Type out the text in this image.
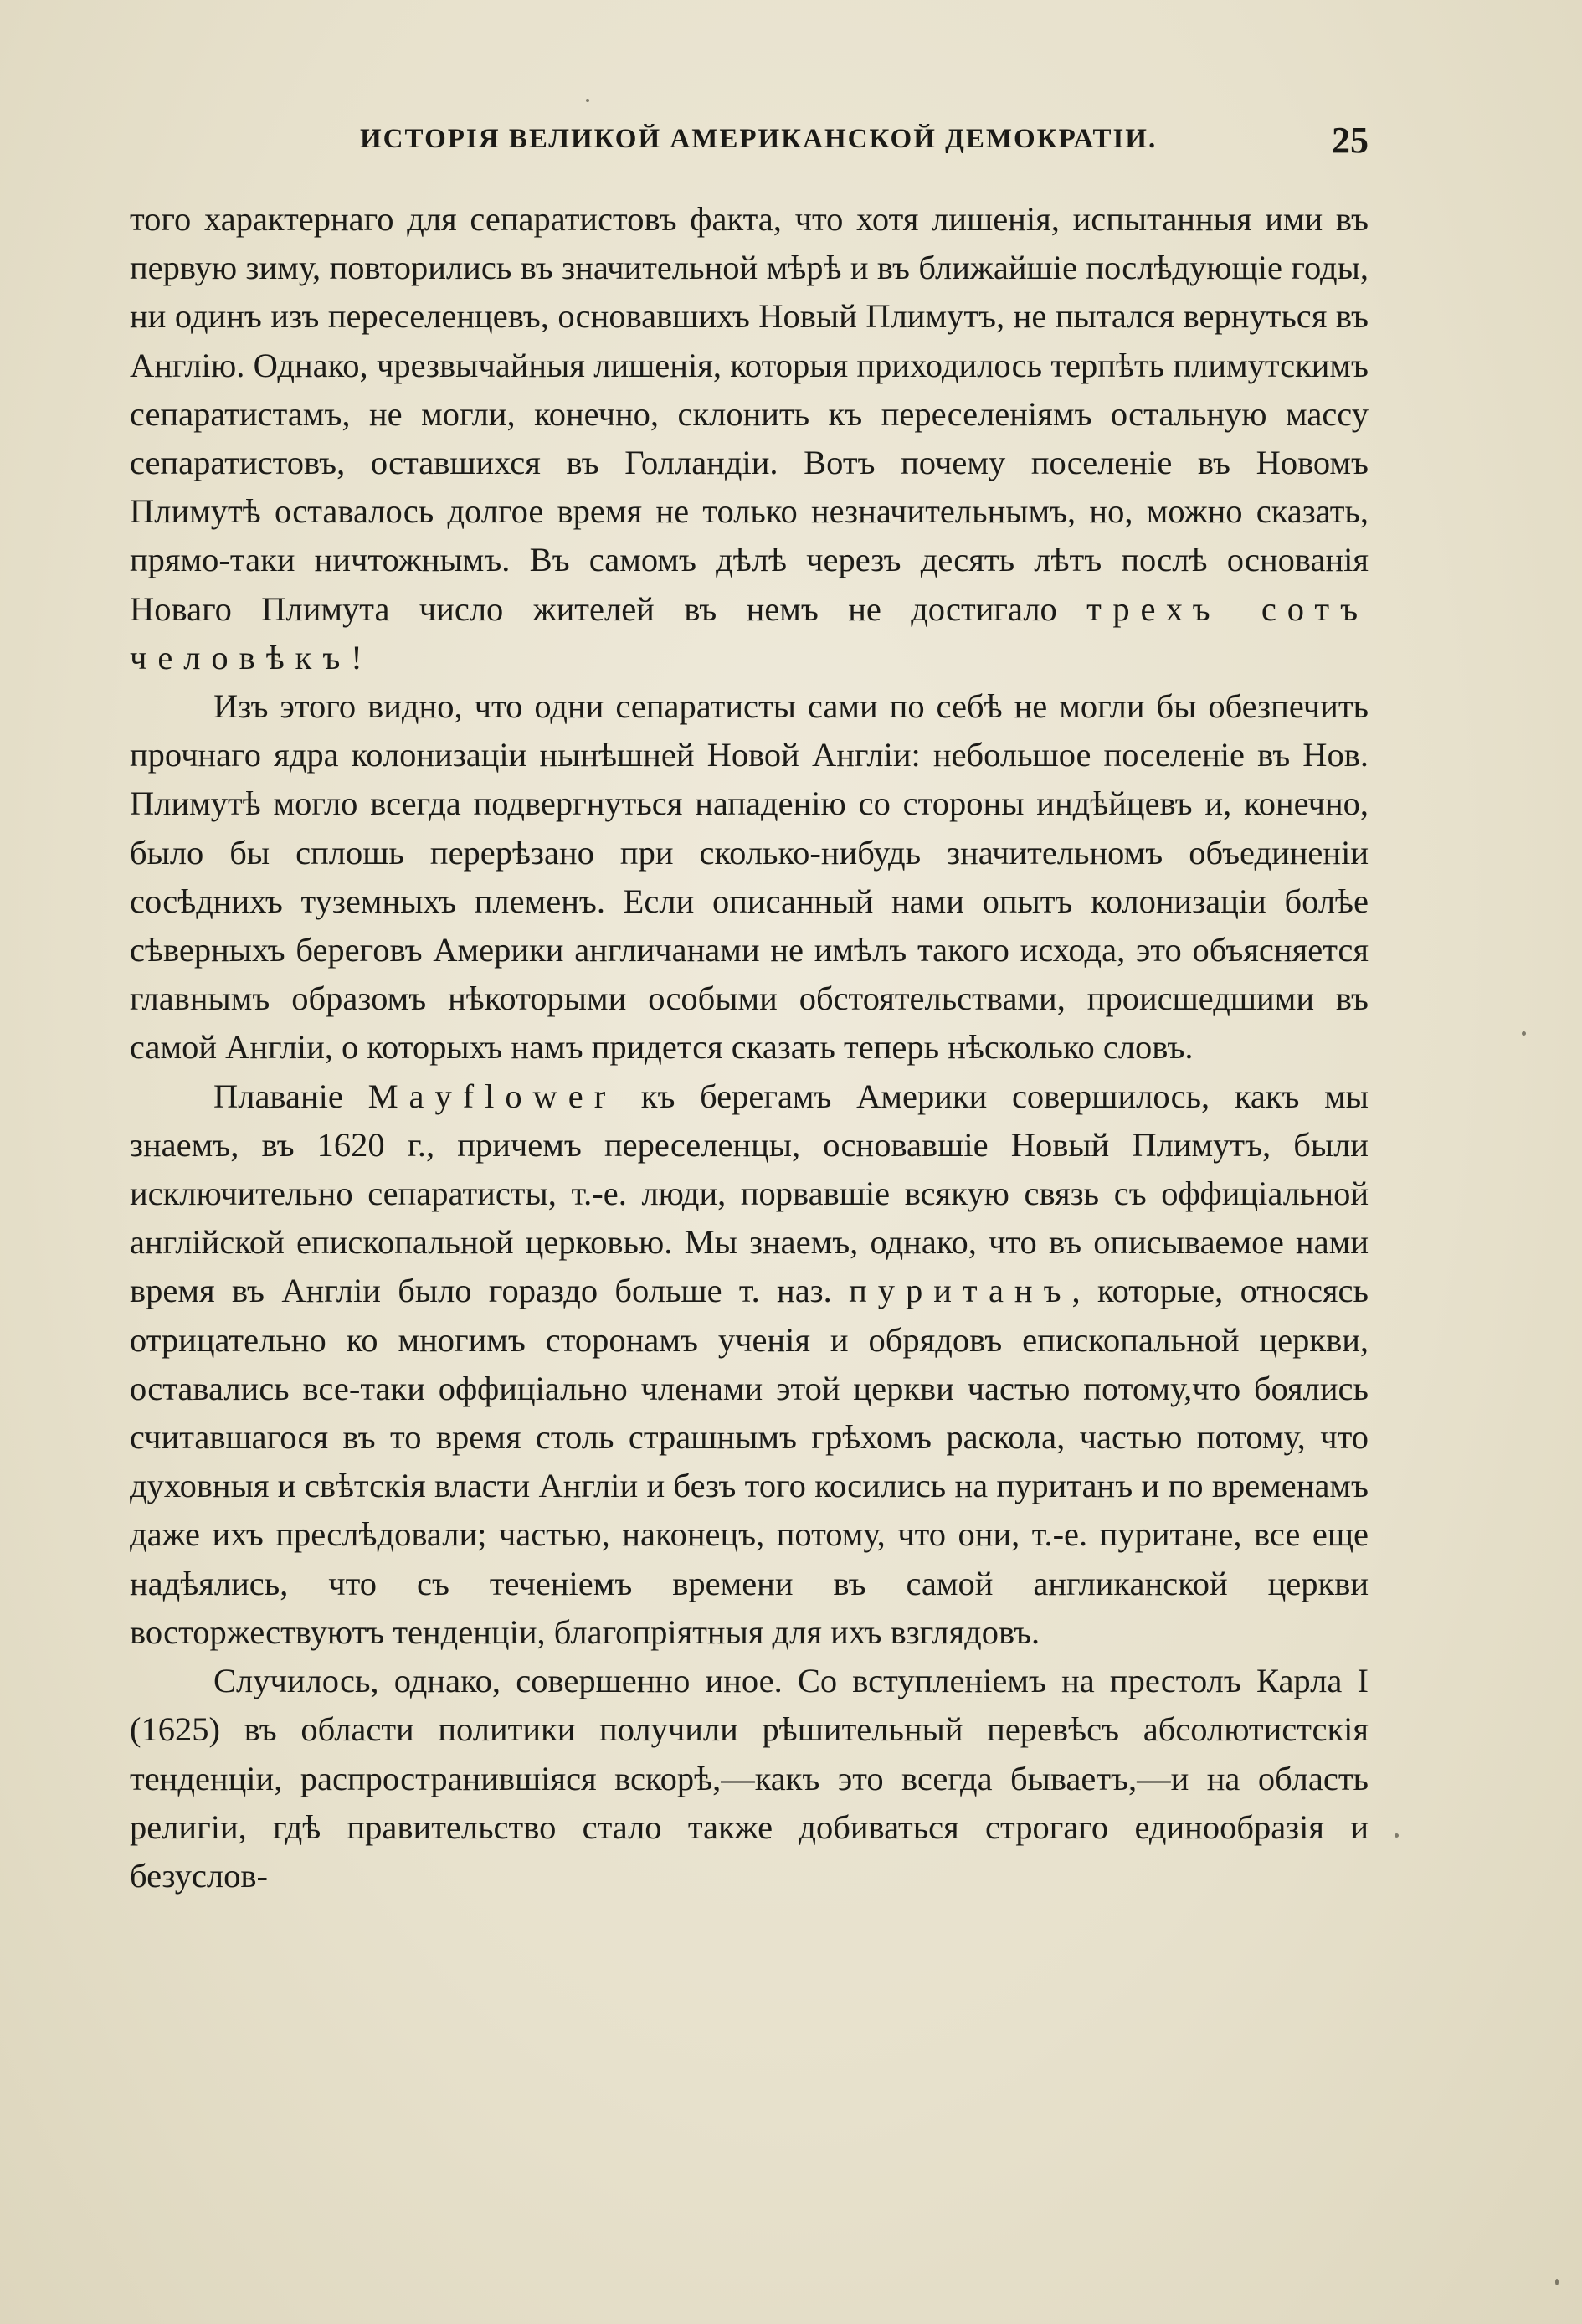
ИСТОРІЯ ВЕЛИКОЙ АМЕРИКАНСКОЙ ДЕМОКРАТІИ.	25

того характернаго для сепаратистовъ факта, что хотя лишенія, испытанныя ими въ первую зиму, повторились въ значительной мѣрѣ и въ ближайшіе послѣдующіе годы, ни одинъ изъ переселенцевъ, основавшихъ Новый Плимутъ, не пытался вернуться въ Англію. Однако, чрезвычайныя лишенія, которыя приходилось терпѣть плимутскимъ сепаратистамъ, не могли, конечно, склонить къ переселеніямъ остальную массу сепаратистовъ, оставшихся въ Голландіи. Вотъ почему поселеніе въ Новомъ Плимутѣ оставалось долгое время не только незначительнымъ, но, можно сказать, прямо-таки ничтожнымъ. Въ самомъ дѣлѣ черезъ десять лѣтъ послѣ основанія Новаго Плимута число жителей въ немъ не достигало трехъ сотъ человѣкъ!

Изъ этого видно, что одни сепаратисты сами по себѣ не могли бы обезпечить прочнаго ядра колонизаціи нынѣшней Новой Англіи: небольшое поселеніе въ Нов. Плимутѣ могло всегда подвергнуться нападенію со стороны индѣйцевъ и, конечно, было бы сплошь перерѣзано при сколько-нибудь значительномъ объединеніи сосѣднихъ туземныхъ племенъ. Если описанный нами опытъ колонизаціи болѣе сѣверныхъ береговъ Америки англичанами не имѣлъ такого исхода, это объясняется главнымъ образомъ нѣкоторыми особыми обстоятельствами, происшедшими въ самой Англіи, о которыхъ намъ придется сказать теперь нѣсколько словъ.

Плаваніе Mayflower къ берегамъ Америки совершилось, какъ мы знаемъ, въ 1620 г., причемъ переселенцы, основавшіе Новый Плимутъ, были исключительно сепаратисты, т.-е. люди, порвавшіе всякую связь съ оффиціальной англійской епископальной церковью. Мы знаемъ, однако, что въ описываемое нами время въ Англіи было гораздо больше т. наз. пуританъ, которые, относясь отрицательно ко многимъ сторонамъ ученія и обрядовъ епископальной церкви, оставались все-таки оффиціально членами этой церкви частью потому,что боялись считавшагося въ то время столь страшнымъ грѣхомъ раскола, частью потому, что духовныя и свѣтскія власти Англіи и безъ того косились на пуританъ и по временамъ даже ихъ преслѣдовали; частью, наконецъ, потому, что они, т.-е. пуритане, все еще надѣялись, что съ теченіемъ времени въ самой англиканской церкви восторжествуютъ тенденціи, благопріятныя для ихъ взглядовъ.

Случилось, однако, совершенно иное. Со вступленіемъ на престолъ Карла I (1625) въ области политики получили рѣшительный перевѣсъ абсолютистскія тенденціи, распространившіяся вскорѣ,—какъ это всегда бываетъ,—и на область религіи, гдѣ правительство стало также добиваться строгаго единообразія и безуслов-
